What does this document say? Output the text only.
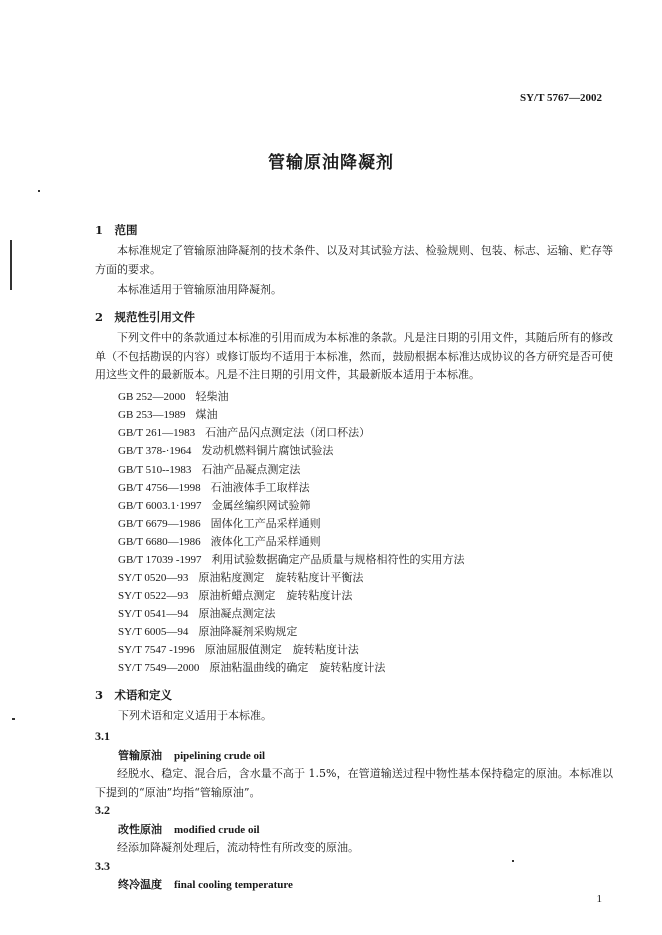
SY/T 5767—2002
管输原油降凝剂
1　范围
本标准规定了管输原油降凝剂的技术条件、以及对其试验方法、检验规则、包装、标志、运输、贮存等方面的要求。
本标准适用于管输原油用降凝剂。
2　规范性引用文件
下列文件中的条款通过本标准的引用而成为本标准的条款。凡是注日期的引用文件，其随后所有的修改单（不包括勘误的内容）或修订版均不适用于本标准，然而，鼓励根据本标准达成协议的各方研究是否可使用这些文件的最新版本。凡是不注日期的引用文件，其最新版本适用于本标准。
GB 252—2000 轻柴油
GB 253—1989 煤油
GB/T 261—1983 石油产品闪点测定法（闭口杯法）
GB/T 378-·1964 发动机燃料铜片腐蚀试验法
GB/T 510--1983 石油产品凝点测定法
GB/T 4756—1998 石油液体手工取样法
GB/T 6003.1·1997 金属丝编织网试验筛
GB/T 6679—1986 固体化工产品采样通则
GB/T 6680—1986 液体化工产品采样通则
GB/T 17039 -1997 利用试验数据确定产品质量与规格相符性的实用方法
SY/T 0520—93 原油粘度测定　旋转粘度计平衡法
SY/T 0522—93 原油析蜡点测定　旋转粘度计法
SY/T 0541—94 原油凝点测定法
SY/T 6005—94 原油降凝剂采购规定
SY/T 7547 -1996 原油屈服值测定　旋转粘度计法
SY/T 7549—2000 原油粘温曲线的确定　旋转粘度计法
3　术语和定义
下列术语和定义适用于本标准。
3.1
管输原油 pipelining crude oil
经脱水、稳定、混合后，含水量不高于 1.5%，在管道输送过程中物性基本保持稳定的原油。本标准以下提到的“原油”均指“管输原油”。
3.2
改性原油 modified crude oil
经添加降凝剂处理后，流动特性有所改变的原油。
3.3
终冷温度 final cooling temperature
1
